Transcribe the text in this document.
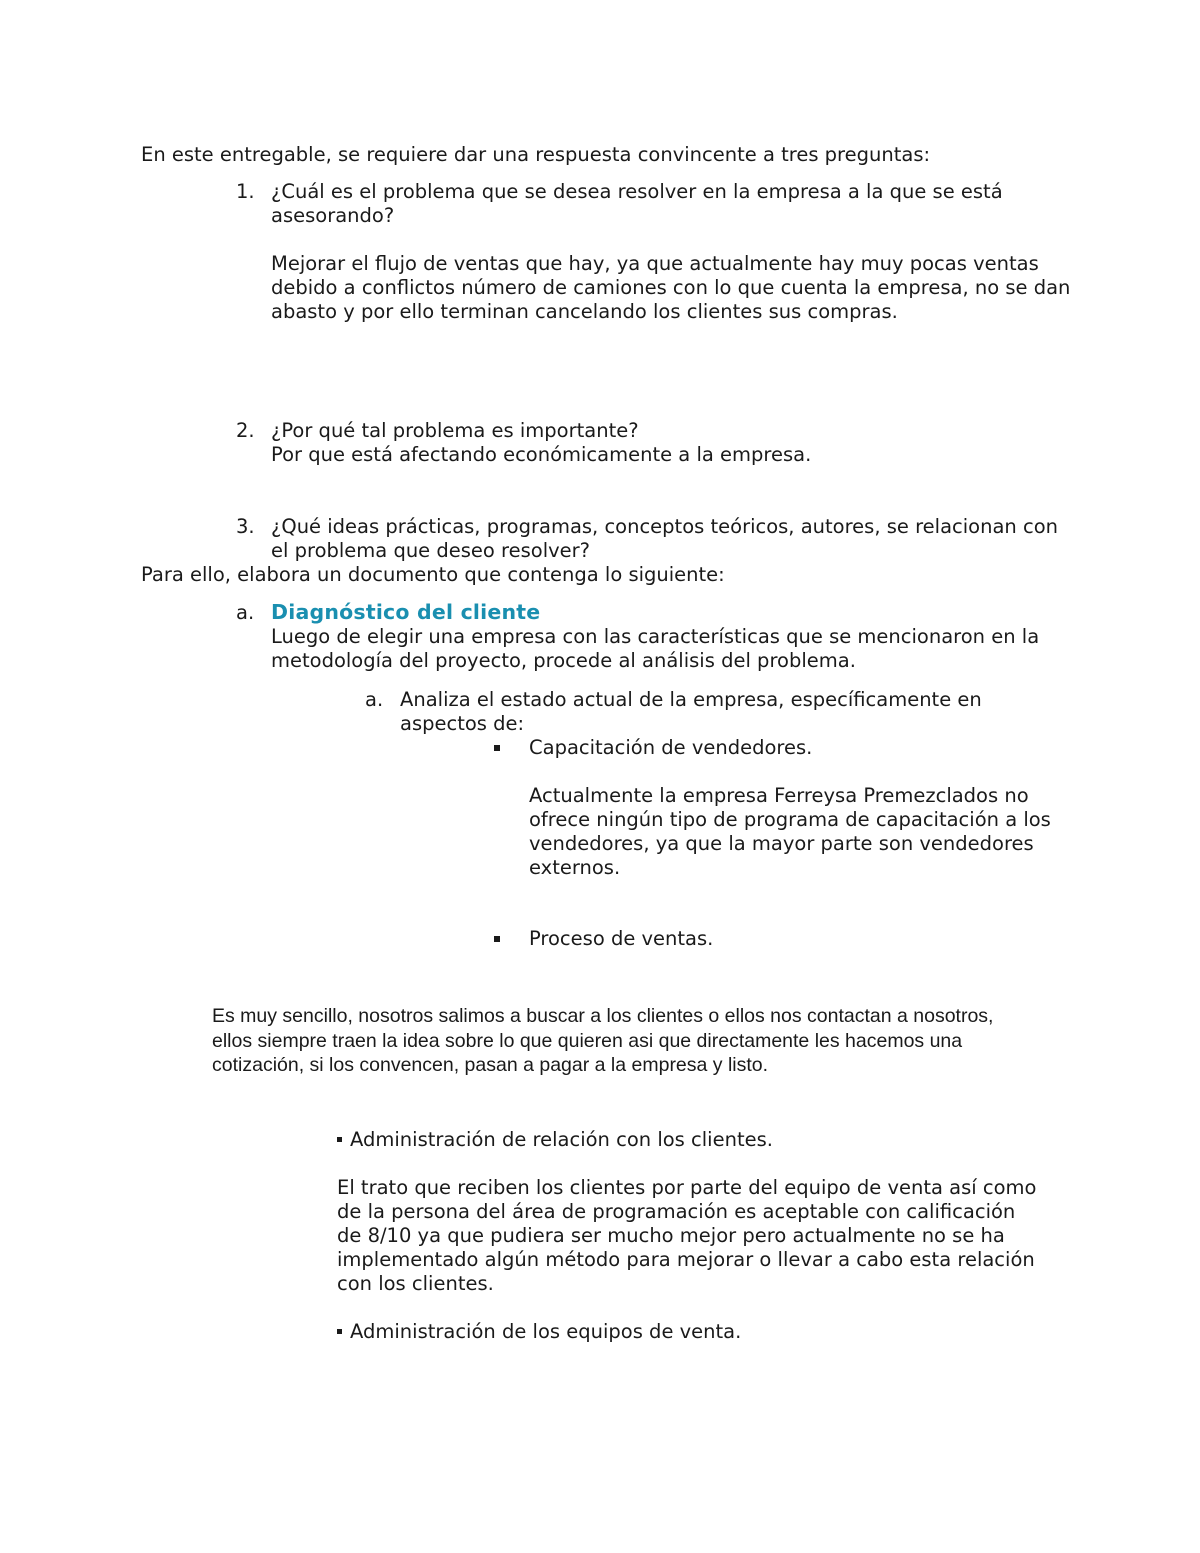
En este entregable, se requiere dar una respuesta convincente a tres preguntas:

1. ¿Cuál es el problema que se desea resolver en la empresa a la que se está asesorando?

Mejorar el flujo de ventas que hay, ya que actualmente hay muy pocas ventas debido a conflictos número de camiones con lo que cuenta la empresa, no se dan abasto y por ello terminan cancelando los clientes sus compras.

2. ¿Por qué tal problema es importante?

Por que está afectando económicamente a la empresa.

3. ¿Qué ideas prácticas, programas, conceptos teóricos, autores, se relacionan con el problema que deseo resolver?

Para ello, elabora un documento que contenga lo siguiente:

a. Diagnóstico del cliente

Luego de elegir una empresa con las características que se mencionaron en la metodología del proyecto, procede al análisis del problema.

a. Analiza el estado actual de la empresa, específicamente en aspectos de:

Capacitación de vendedores.

Actualmente la empresa Ferreysa Premezclados no ofrece ningún tipo de programa de capacitación a los vendedores, ya que la mayor parte son vendedores externos.

Proceso de ventas.

Es muy sencillo, nosotros salimos a buscar a los clientes o ellos nos contactan a nosotros, ellos siempre traen la idea sobre lo que quieren asi que directamente les hacemos una cotización, si los convencen, pasan a pagar a la empresa y listo.

Administración de relación con los clientes.

El trato que reciben los clientes por parte del equipo de venta así como de la persona del área de programación es aceptable con calificación de 8/10 ya que pudiera ser mucho mejor pero actualmente no se ha implementado algún método para mejorar o llevar a cabo esta relación con los clientes.

Administración de los equipos de venta.
